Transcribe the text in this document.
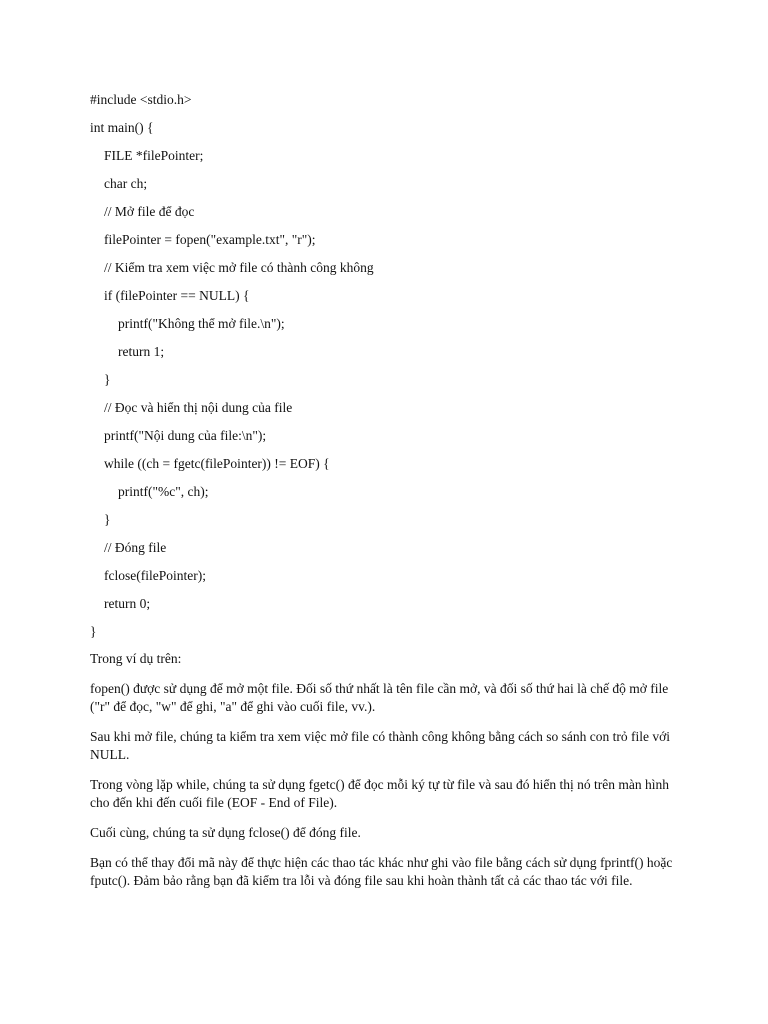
#include <stdio.h>
int main() {
FILE *filePointer;
char ch;
// Mở file để đọc
filePointer = fopen("example.txt", "r");
// Kiểm tra xem việc mở file có thành công không
if (filePointer == NULL) {
printf("Không thể mở file.\n");
return 1;
}
// Đọc và hiển thị nội dung của file
printf("Nội dung của file:\n");
while ((ch = fgetc(filePointer)) != EOF) {
printf("%c", ch);
}
// Đóng file
fclose(filePointer);
return 0;
}

Trong ví dụ trên:

fopen() được sử dụng để mở một file. Đối số thứ nhất là tên file cần mở, và đối số thứ hai là chế độ mở file ("r" để đọc, "w" để ghi, "a" để ghi vào cuối file, vv.).

Sau khi mở file, chúng ta kiểm tra xem việc mở file có thành công không bằng cách so sánh con trỏ file với NULL.

Trong vòng lặp while, chúng ta sử dụng fgetc() để đọc mỗi ký tự từ file và sau đó hiển thị nó trên màn hình cho đến khi đến cuối file (EOF - End of File).

Cuối cùng, chúng ta sử dụng fclose() để đóng file.

Bạn có thể thay đổi mã này để thực hiện các thao tác khác như ghi vào file bằng cách sử dụng fprintf() hoặc fputc(). Đảm bảo rằng bạn đã kiểm tra lỗi và đóng file sau khi hoàn thành tất cả các thao tác với file.
